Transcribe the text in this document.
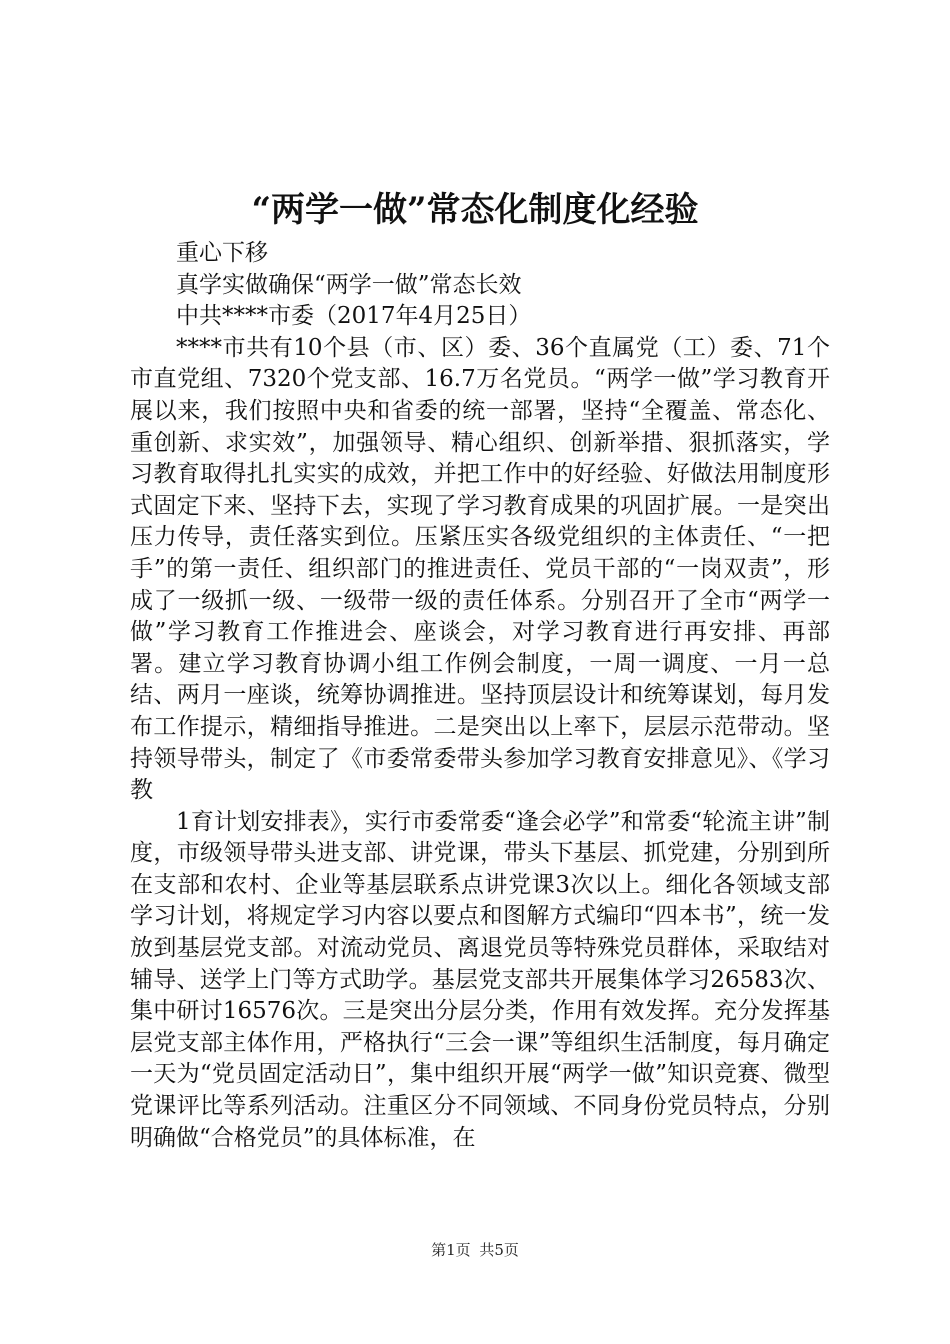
“两学一做”常态化制度化经验

重心下移

真学实做确保“两学一做”常态长效

中共****市委（2017年4月25日）

****市共有10个县（市、区）委、36个直属党（工）委、71个市直党组、7320个党支部、16.7万名党员。“两学一做”学习教育开展以来，我们按照中央和省委的统一部署，坚持“全覆盖、常态化、重创新、求实效”，加强领导、精心组织、创新举措、狠抓落实，学习教育取得扎扎实实的成效，并把工作中的好经验、好做法用制度形式固定下来、坚持下去，实现了学习教育成果的巩固扩展。一是突出压力传导，责任落实到位。压紧压实各级党组织的主体责任、“一把手”的第一责任、组织部门的推进责任、党员干部的“一岗双责”，形成了一级抓一级、一级带一级的责任体系。分别召开了全市“两学一做”学习教育工作推进会、座谈会，对学习教育进行再安排、再部署。建立学习教育协调小组工作例会制度，一周一调度、一月一总结、两月一座谈，统筹协调推进。坚持顶层设计和统筹谋划，每月发布工作提示，精细指导推进。二是突出以上率下，层层示范带动。坚持领导带头，制定了《市委常委带头参加学习教育安排意见》、《学习教

1育计划安排表》，实行市委常委“逢会必学”和常委“轮流主讲”制度，市级领导带头进支部、讲党课，带头下基层、抓党建，分别到所在支部和农村、企业等基层联系点讲党课3次以上。细化各领域支部学习计划，将规定学习内容以要点和图解方式编印“四本书”，统一发放到基层党支部。对流动党员、离退党员等特殊党员群体，采取结对辅导、送学上门等方式助学。基层党支部共开展集体学习26583次、集中研讨16576次。三是突出分层分类，作用有效发挥。充分发挥基层党支部主体作用，严格执行“三会一课”等组织生活制度，每月确定一天为“党员固定活动日”，集中组织开展“两学一做”知识竞赛、微型党课评比等系列活动。注重区分不同领域、不同身份党员特点，分别明确做“合格党员”的具体标准，在

第1页 共5页
